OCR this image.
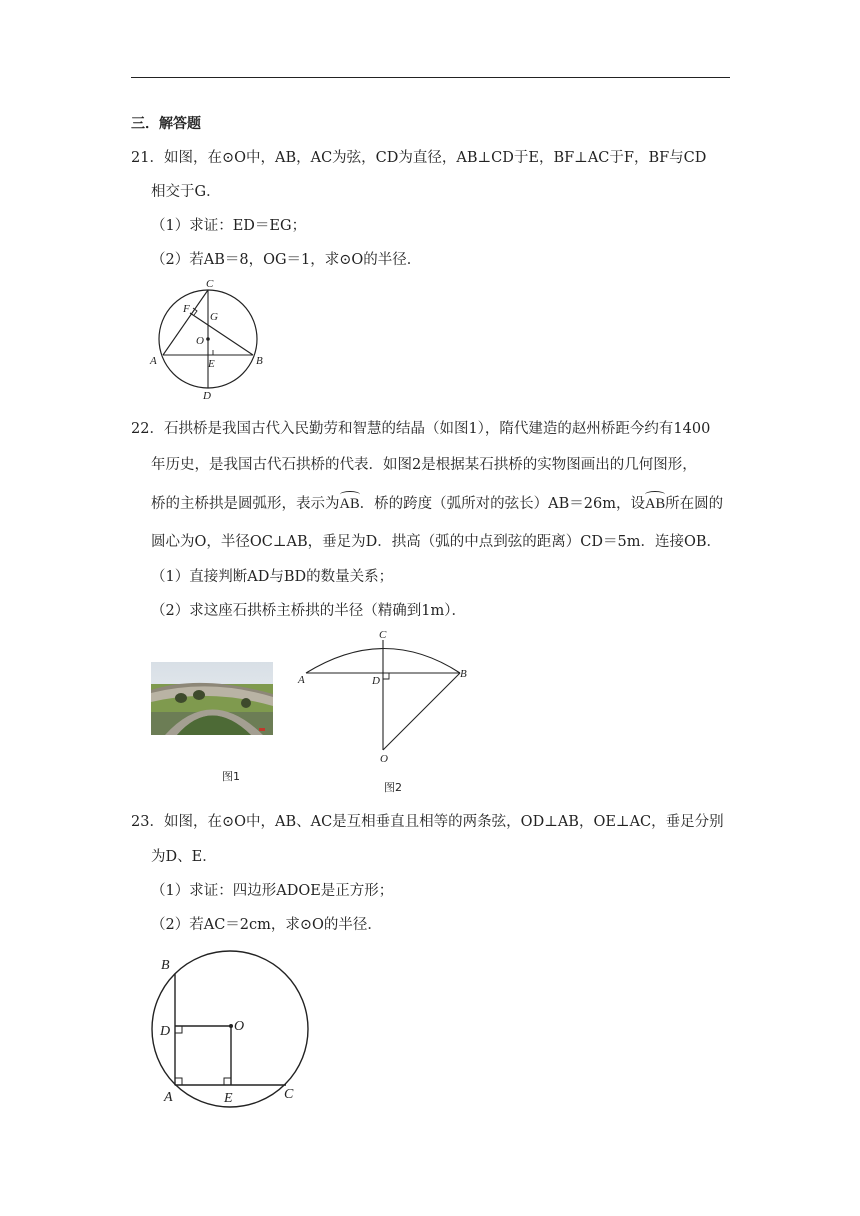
三．解答题
21．如图，在⊙O中，AB，AC为弦，CD为直径，AB⊥CD于E，BF⊥AC于F，BF与CD
相交于G．
（1）求证：ED＝EG；
（2）若AB＝8，OG＝1，求⊙O的半径．
C
F
G
O
A	B
E
D
22．石拱桥是我国古代入民勤劳和智慧的结晶（如图1），隋代建造的赵州桥距今约有1400
年历史，是我国古代石拱桥的代表．如图2是根据某石拱桥的实物图画出的几何图形，
桥的主桥拱是圆弧形，表示为AB．桥的跨度（弧所对的弦长）AB＝26m，设AB所在圆的
圆心为O，半径OC⊥AB，垂足为D．拱高（弧的中点到弦的距离）CD＝5m．连接OB．
（1）直接判断AD与BD的数量关系；
（2）求这座石拱桥主桥拱的半径（精确到1m）．
图1
C
A	B
D
O
图2
23．如图，在⊙O中，AB、AC是互相垂直且相等的两条弦，OD⊥AB，OE⊥AC，垂足分别
为D、E．
（1）求证：四边形ADOE是正方形；
（2）若AC＝2cm，求⊙O的半径．
B
D	O
A	E	C
